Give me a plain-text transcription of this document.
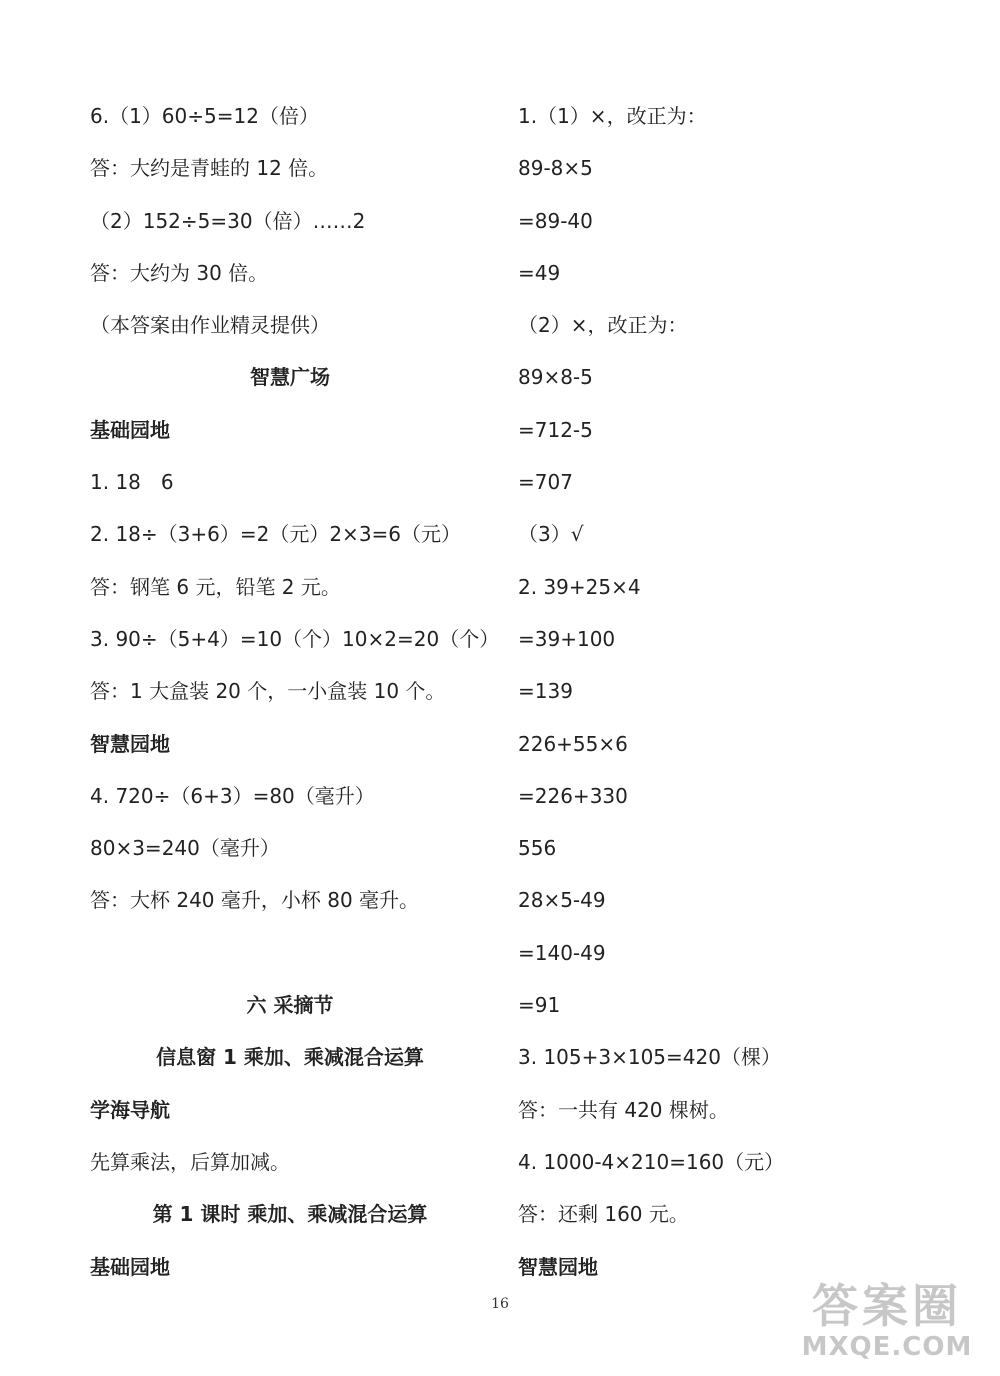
6.（1）60÷5=12（倍）
答：大约是青蛙的 12 倍。
（2）152÷5=30（倍）……2
答：大约为 30 倍。
（本答案由作业精灵提供）
智慧广场
基础园地
1. 18　6
2. 18÷（3+6）=2（元）2×3=6（元）
答：钢笔 6 元，铅笔 2 元。
3. 90÷（5+4）=10（个）10×2=20（个）
答：1 大盒装 20 个，一小盒装 10 个。
智慧园地
4. 720÷（6+3）=80（毫升）
80×3=240（毫升）
答：大杯 240 毫升，小杯 80 毫升。
六 采摘节
信息窗 1 乘加、乘减混合运算
学海导航
先算乘法，后算加减。
第 1 课时 乘加、乘减混合运算
基础园地
1.（1）×，改正为：
89-8×5
=89-40
=49
（2）×，改正为：
89×8-5
=712-5
=707
（3）√
2. 39+25×4
=39+100
=139
226+55×6
=226+330
556
28×5-49
=140-49
=91
3. 105+3×105=420（棵）
答：一共有 420 棵树。
4. 1000-4×210=160（元）
答：还剩 160 元。
智慧园地
16	答案圈
MXQE.COM
